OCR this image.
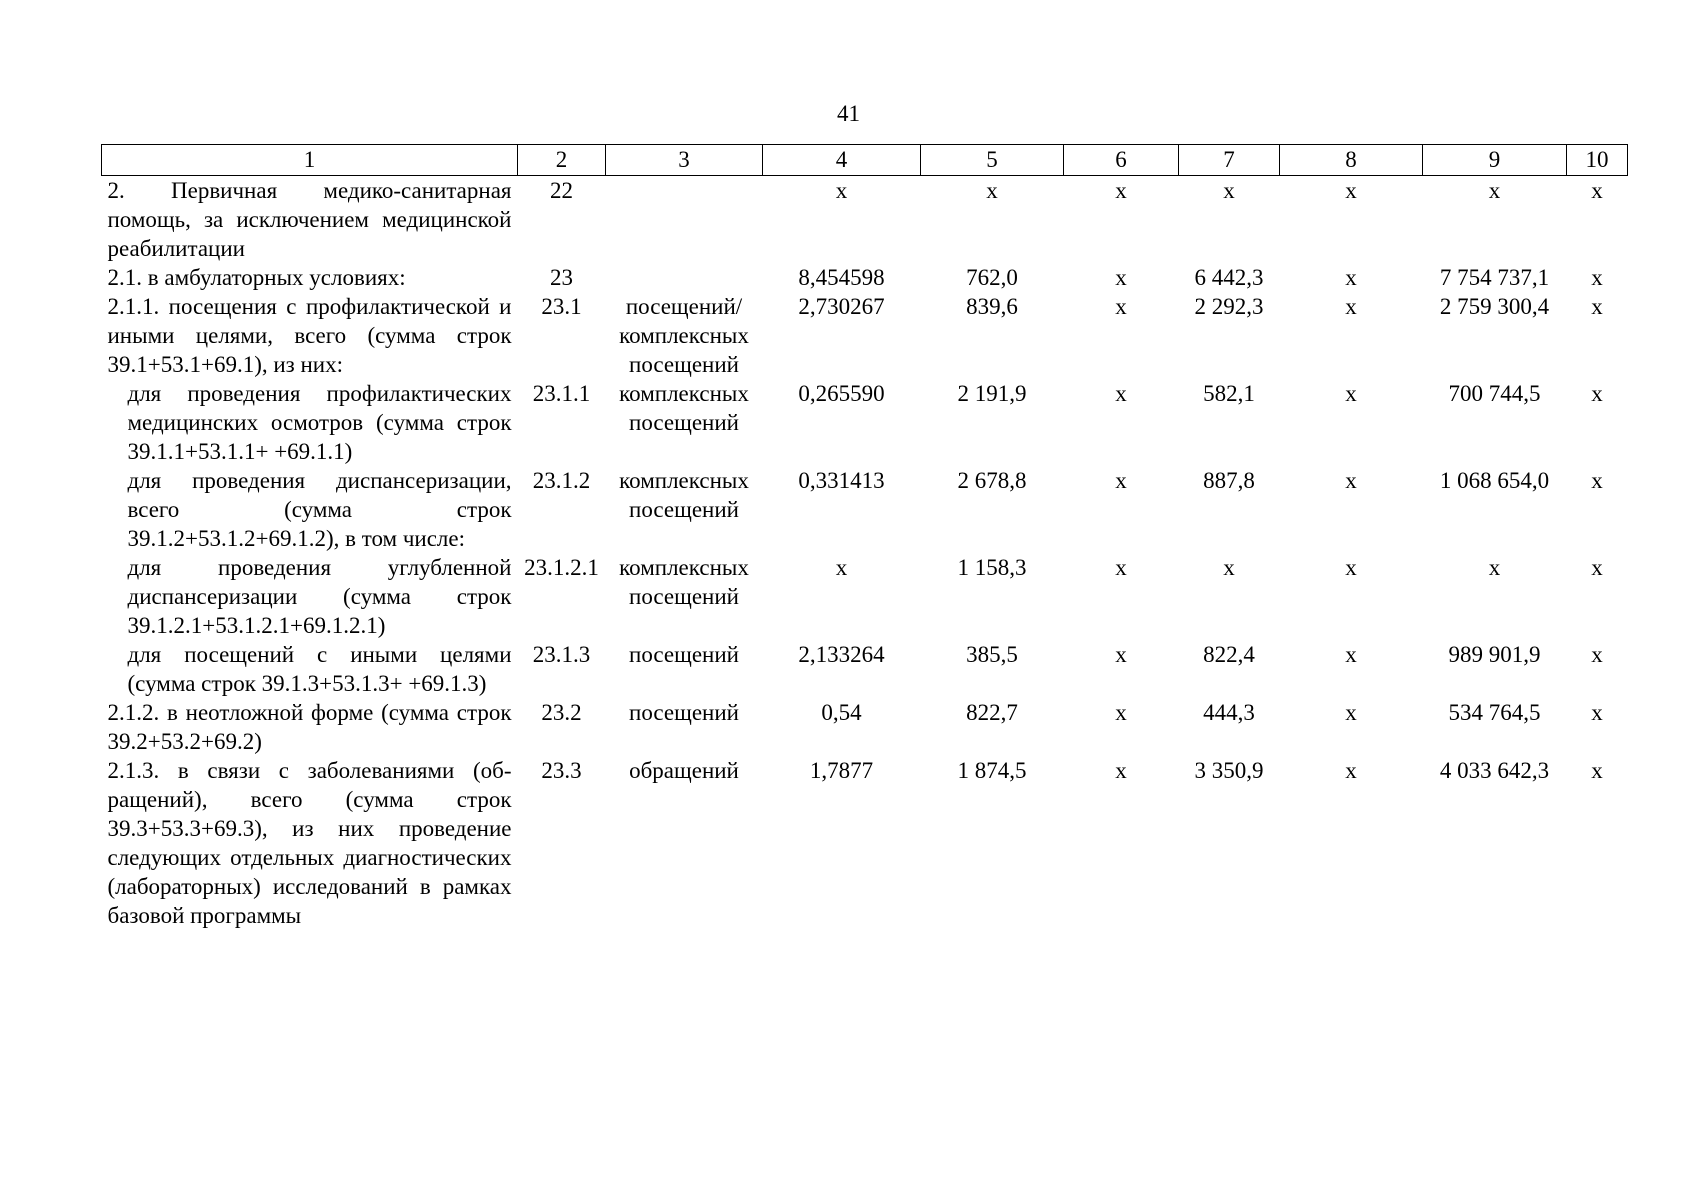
41
1	2	3	4	5	6	7	8	9	10
2. Первичная медико-санитарная помощь, за исключением медицинской реабилитации	22		х	х	х	х	х	х	х
2.1. в амбулаторных условиях:	23		8,454598	762,0	х	6 442,3	х	7 754 737,1	х
2.1.1. посещения с профилактической и иными целями, всего (сумма строк 39.1+53.1+69.1), из них:	23.1	посещений/ комплексных посещений	2,730267	839,6	х	2 292,3	х	2 759 300,4	х
для проведения профилактических медицинских осмотров (сумма строк 39.1.1+53.1.1+ +69.1.1)	23.1.1	комплексных посещений	0,265590	2 191,9	х	582,1	х	700 744,5	х
для проведения диспансеризации, всего (сумма строк 39.1.2+53.1.2+69.1.2), в том числе:	23.1.2	комплексных посещений	0,331413	2 678,8	х	887,8	х	1 068 654,0	х
для проведения углубленной диспансеризации (сумма строк 39.1.2.1+53.1.2.1+69.1.2.1)	23.1.2.1	комплексных посещений	х	1 158,3	х	х	х	х	х
для посещений с иными целями (сумма строк 39.1.3+53.1.3+ +69.1.3)	23.1.3	посещений	2,133264	385,5	х	822,4	х	989 901,9	х
2.1.2. в неотложной форме (сумма строк 39.2+53.2+69.2)	23.2	посещений	0,54	822,7	х	444,3	х	534 764,5	х
2.1.3. в связи с заболеваниями (обращений), всего (сумма строк 39.3+53.3+69.3), из них проведение следующих отдельных диагностических (лабораторных) исследований в рамках базовой программы	23.3	обращений	1,7877	1 874,5	х	3 350,9	х	4 033 642,3	х
